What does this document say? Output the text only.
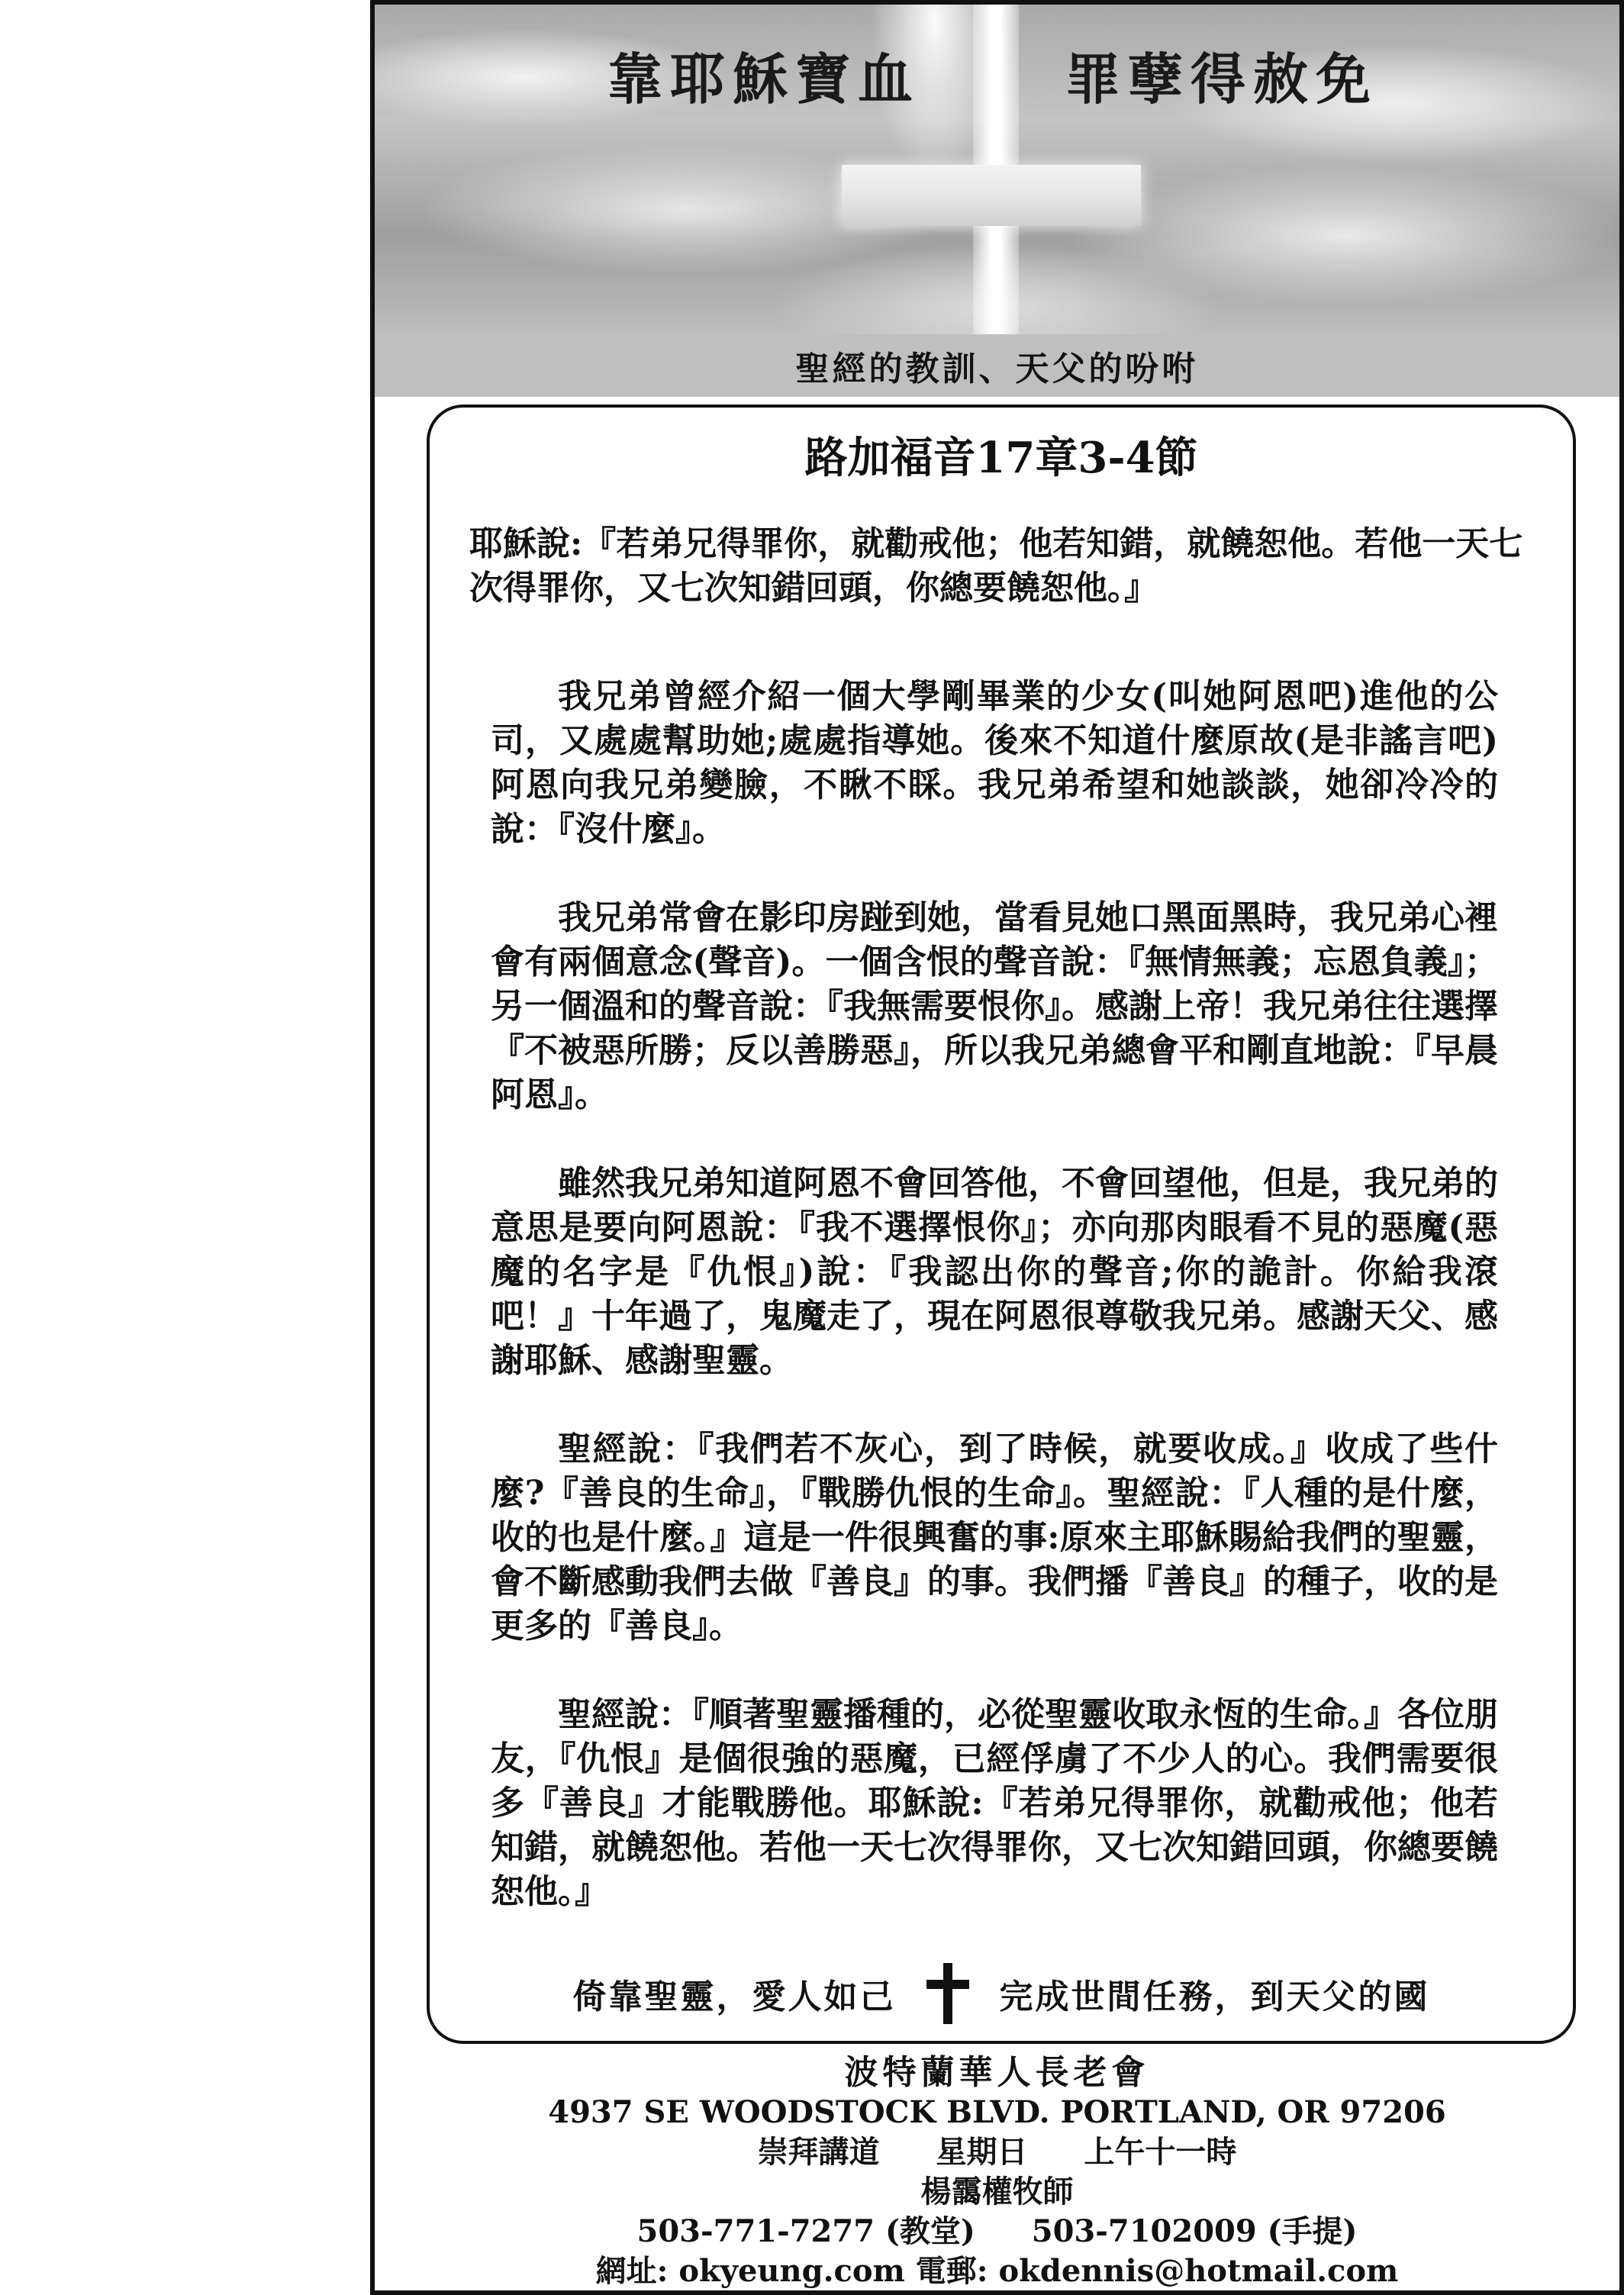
靠耶穌寶血	罪孽得赦免
聖經的教訓、天父的吩咐
路加福音17章3-4節
耶穌說:『若弟兄得罪你，就勸戒他；他若知錯，就饒恕他。若他一天七次得罪你，又七次知錯回頭，你總要饒恕他。』

我兄弟曾經介紹一個大學剛畢業的少女(叫她阿恩吧)進他的公司，又處處幫助她;處處指導她。後來不知道什麼原故(是非謠言吧) 阿恩向我兄弟變臉，不瞅不睬。我兄弟希望和她談談，她卻冷冷的說：『沒什麼』。

我兄弟常會在影印房踫到她，當看見她口黑面黑時，我兄弟心裡會有兩個意念(聲音)。一個含恨的聲音說：『無情無義；忘恩負義』；另一個溫和的聲音說：『我無需要恨你』。感謝上帝！我兄弟往往選擇『不被惡所勝；反以善勝惡』，所以我兄弟總會平和剛直地說：『早晨阿恩』。

雖然我兄弟知道阿恩不會回答他，不會回望他，但是，我兄弟的意思是要向阿恩說：『我不選擇恨你』；亦向那肉眼看不見的惡魔(惡魔的名字是『仇恨』)說：『我認出你的聲音;你的詭計。你給我滾吧！』十年過了，鬼魔走了，現在阿恩很尊敬我兄弟。感謝天父、感謝耶穌、感謝聖靈。

聖經說：『我們若不灰心，到了時候，就要收成。』收成了些什麼?『善良的生命』，『戰勝仇恨的生命』。聖經說：『人種的是什麼，收的也是什麼。』這是一件很興奮的事:原來主耶穌賜給我們的聖靈，會不斷感動我們去做『善良』的事。我們播『善良』的種子，收的是更多的『善良』。

聖經說：『順著聖靈播種的，必從聖靈收取永恆的生命。』各位朋友，『仇恨』是個很強的惡魔，已經俘虜了不少人的心。我們需要很多『善良』才能戰勝他。耶穌說:『若弟兄得罪你，就勸戒他；他若知錯，就饒恕他。若他一天七次得罪你，又七次知錯回頭，你總要饒恕他。』

倚靠聖靈，愛人如己	完成世間任務，到天父的國
波特蘭華人長老會
4937 SE WOODSTOCK BLVD. PORTLAND, OR 97206
崇拜講道 星期日 上午十一時
楊靄權牧師
503-771-7277 (教堂) 503-7102009 (手提)
網址: okyeung.com 電郵: okdennis@hotmail.com
